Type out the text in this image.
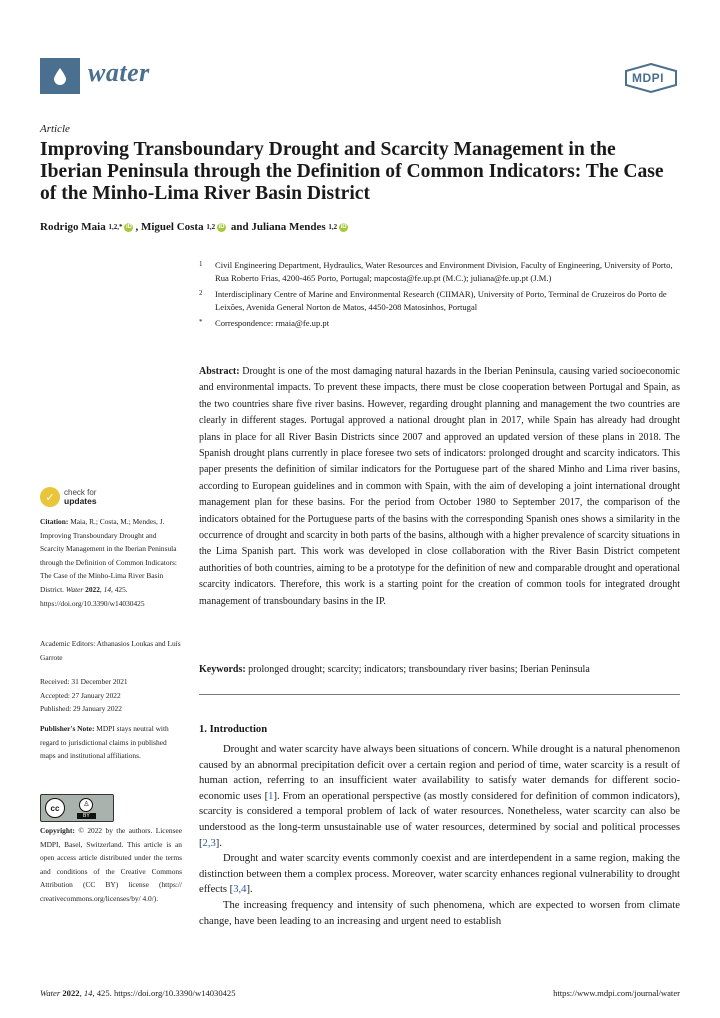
water	MDPI
Article
Improving Transboundary Drought and Scarcity Management in the Iberian Peninsula through the Definition of Common Indicators: The Case of the Minho-Lima River Basin District
Rodrigo Maia
1,2,* iD , Miguel Costa
1,2 iD and Juliana Mendes
1,2 iD
1	Civil Engineering Department, Hydraulics, Water Resources and Environment Division, Faculty of Engineering, University of Porto, Rua Roberto Frias, 4200-465 Porto, Portugal; mapcosta@fe.up.pt (M.C.); juliana@fe.up.pt (J.M.)
2	Interdisciplinary Centre of Marine and Environmental Research (CIIMAR), University of Porto, Terminal de Cruzeiros do Porto de Leixões, Avenida General Norton de Matos, 4450-208 Matosinhos, Portugal
*	Correspondence: rmaia@fe.up.pt

Abstract: Drought is one of the most damaging natural hazards in the Iberian Peninsula, causing varied socioeconomic and environmental impacts. To prevent these impacts, there must be close cooperation between Portugal and Spain, as the two countries share five river basins. However, regarding drought planning and management the two countries are clearly in different stages. Portugal approved a national drought plan in 2017, while Spain has already had drought plans in place for all River Basin Districts since 2007 and approved an updated version of these plans in 2018. The Spanish drought plans currently in place foresee two sets of indicators: prolonged drought and scarcity indicators. This paper presents the definition of similar indicators for the Portuguese part of the shared Minho and Lima river basins, according to European guidelines and in common with Spain, with the aim of developing a joint international drought management plan for these basins. For the period from October 1980 to September 2017, the comparison of the indicators obtained for the Portuguese parts of the basins with the corresponding Spanish ones shows a similarity in the occurrence of drought and scarcity in both parts of the basins, although with a higher prevalence of scarcity situations in the Lima Spanish part. This work was developed in close collaboration with the River Basin District competent authorities of both countries, aiming to be a prototype for the definition of new and comparable drought and operational scarcity indicators. Therefore, this work is a starting point for the creation of common tools for integrated drought management of transboundary basins in the IP.

Keywords: prolonged drought; scarcity; indicators; transboundary river basins; Iberian Peninsula
1. Introduction

Drought and water scarcity have always been situations of concern. While drought is a natural phenomenon caused by an abnormal precipitation deficit over a certain region and period of time, water scarcity is a result of human action, referring to an insufficient water availability to satisfy water demands for different socio-economic uses [1]. From an operational perspective (as mostly considered for definition of common indicators), scarcity is considered a temporal problem of lack of water resources. Nonetheless, water scarcity can also be understood as the long-term unsustainable use of water resources, determined by social and political processes [2,3].

Drought and water scarcity events commonly coexist and are interdependent in a same region, making the distinction between them a complex process. Moreover, water scarcity enhances regional vulnerability to drought effects [3,4].

The increasing frequency and intensity of such phenomena, which are expected to worsen from climate change, have been leading to an increasing and urgent need to establish

✓	check for
updates
Citation: Maia, R.; Costa, M.; Mendes, J. Improving Transboundary Drought and Scarcity Management in the Iberian Peninsula through the Definition of Common Indicators: The Case of the Minho-Lima River Basin District. Water 2022, 14, 425. https://doi.org/10.3390/w14030425
Academic Editors: Athanasios Loukas and Luís Garrote
Received: 31 December 2021
Accepted: 27 January 2022
Published: 29 January 2022
Publisher's Note: MDPI stays neutral with regard to jurisdictional claims in published maps and institutional affiliations.
cc	♙
BY
Copyright: © 2022 by the authors. Licensee MDPI, Basel, Switzerland. This article is an open access article distributed under the terms and conditions of the Creative Commons Attribution (CC BY) license (https:// creativecommons.org/licenses/by/ 4.0/).
Water 2022, 14, 425. https://doi.org/10.3390/w14030425	https://www.mdpi.com/journal/water
